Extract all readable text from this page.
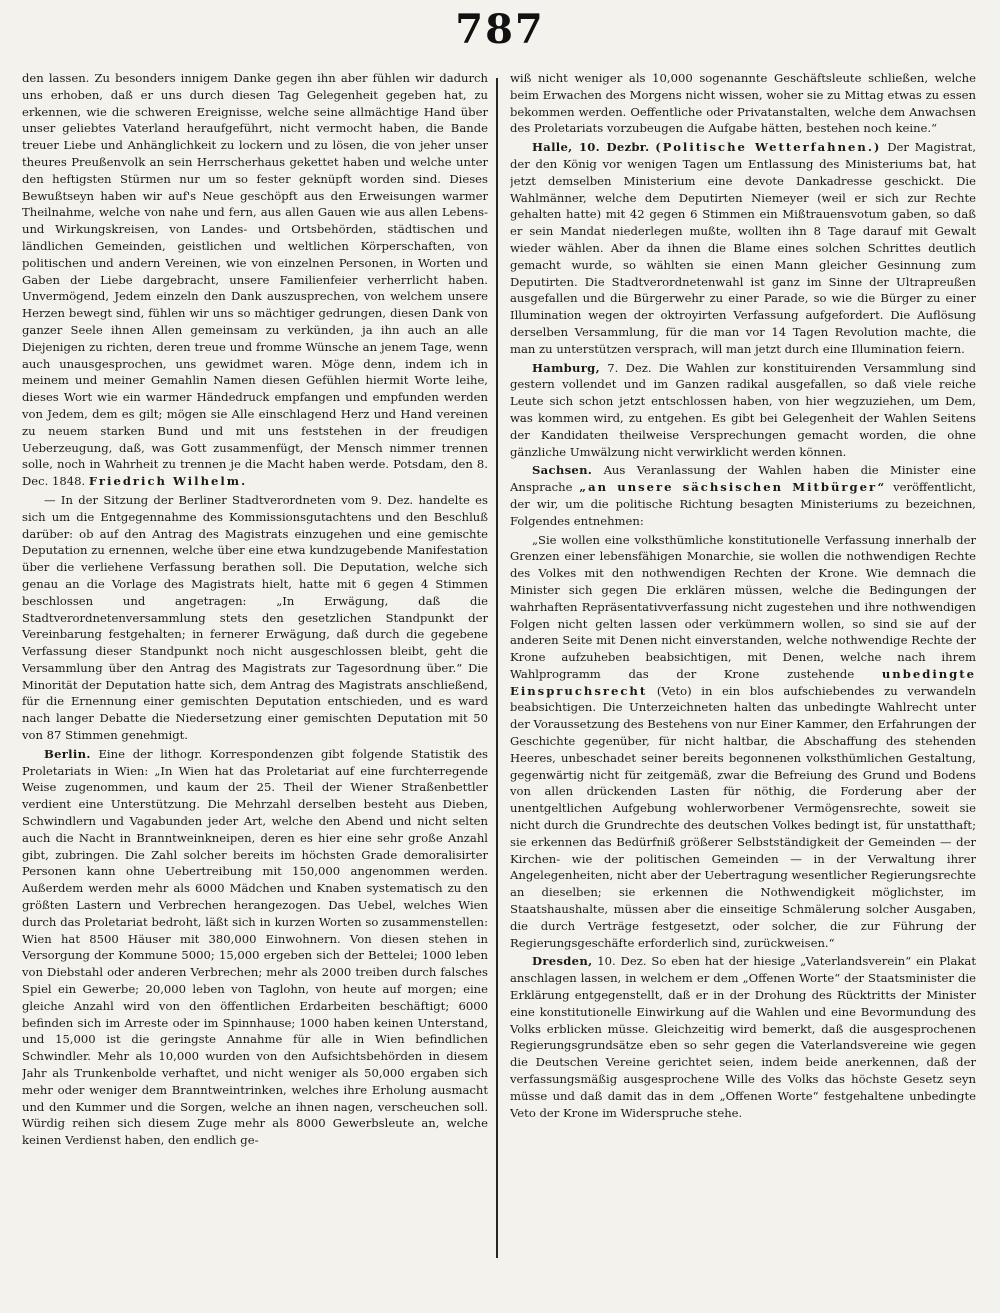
787

den lassen. Zu besonders innigem Danke gegen ihn aber fühlen wir dadurch uns erhoben, daß er uns durch diesen Tag Gelegenheit gegeben hat, zu erkennen, wie die schweren Ereignisse, welche seine allmächtige Hand über unser geliebtes Vaterland heraufgeführt, nicht vermocht haben, die Bande treuer Liebe und Anhänglichkeit zu lockern und zu lösen, die von jeher unser theures Preußenvolk an sein Herrscherhaus gekettet haben und welche unter den heftigsten Stürmen nur um so fester geknüpft worden sind. Dieses Bewußtseyn haben wir auf's Neue geschöpft aus den Erweisungen warmer Theilnahme, welche von nahe und fern, aus allen Gauen wie aus allen Lebens- und Wirkungskreisen, von Landes- und Ortsbehörden, städtischen und ländlichen Gemeinden, geistlichen und weltlichen Körperschaften, von politischen und andern Vereinen, wie von einzelnen Personen, in Worten und Gaben der Liebe dargebracht, unsere Familienfeier verherrlicht haben. Unvermögend, Jedem einzeln den Dank auszusprechen, von welchem unsere Herzen bewegt sind, fühlen wir uns so mächtiger gedrungen, diesen Dank von ganzer Seele ihnen Allen gemeinsam zu verkünden, ja ihn auch an alle Diejenigen zu richten, deren treue und fromme Wünsche an jenem Tage, wenn auch unausgesprochen, uns gewidmet waren. Möge denn, indem ich in meinem und meiner Gemahlin Namen diesen Gefühlen hiermit Worte leihe, dieses Wort wie ein warmer Händedruck empfangen und empfunden werden von Jedem, dem es gilt; mögen sie Alle einschlagend Herz und Hand vereinen zu neuem starken Bund und mit uns feststehen in der freudigen Ueberzeugung, daß, was Gott zusammenfügt, der Mensch nimmer trennen solle, noch in Wahrheit zu trennen je die Macht haben werde. Potsdam, den 8. Dec. 1848. Friedrich Wilhelm.

— In der Sitzung der Berliner Stadtverordneten vom 9. Dez. handelte es sich um die Entgegennahme des Kommissionsgutachtens und den Beschluß darüber: ob auf den Antrag des Magistrats einzugehen und eine gemischte Deputation zu ernennen, welche über eine etwa kundzugebende Manifestation über die verliehene Verfassung berathen soll. Die Deputation, welche sich genau an die Vorlage des Magistrats hielt, hatte mit 6 gegen 4 Stimmen beschlossen und angetragen: „In Erwägung, daß die Stadtverordnetenversammlung stets den gesetzlichen Standpunkt der Vereinbarung festgehalten; in fernerer Erwägung, daß durch die gegebene Verfassung dieser Standpunkt noch nicht ausgeschlossen bleibt, geht die Versammlung über den Antrag des Magistrats zur Tagesordnung über.“ Die Minorität der Deputation hatte sich, dem Antrag des Magistrats anschließend, für die Ernennung einer gemischten Deputation entschieden, und es ward nach langer Debatte die Niedersetzung einer gemischten Deputation mit 50 von 87 Stimmen genehmigt.

Berlin. Eine der lithogr. Korrespondenzen gibt folgende Statistik des Proletariats in Wien: „In Wien hat das Proletariat auf eine furchterregende Weise zugenommen, und kaum der 25. Theil der Wiener Straßenbettler verdient eine Unterstützung. Die Mehrzahl derselben besteht aus Dieben, Schwindlern und Vagabunden jeder Art, welche den Abend und nicht selten auch die Nacht in Branntweinkneipen, deren es hier eine sehr große Anzahl gibt, zubringen. Die Zahl solcher bereits im höchsten Grade demoralisirter Personen kann ohne Uebertreibung mit 150,000 angenommen werden. Außerdem werden mehr als 6000 Mädchen und Knaben systematisch zu den größten Lastern und Verbrechen herangezogen. Das Uebel, welches Wien durch das Proletariat bedroht, läßt sich in kurzen Worten so zusammenstellen: Wien hat 8500 Häuser mit 380,000 Einwohnern. Von diesen stehen in Versorgung der Kommune 5000; 15,000 ergeben sich der Bettelei; 1000 leben von Diebstahl oder anderen Verbrechen; mehr als 2000 treiben durch falsches Spiel ein Gewerbe; 20,000 leben von Taglohn, von heute auf morgen; eine gleiche Anzahl wird von den öffentlichen Erdarbeiten beschäftigt; 6000 befinden sich im Arreste oder im Spinnhause; 1000 haben keinen Unterstand, und 15,000 ist die geringste Annahme für alle in Wien befindlichen Schwindler. Mehr als 10,000 wurden von den Aufsichtsbehörden in diesem Jahr als Trunkenbolde verhaftet, und nicht weniger als 50,000 ergaben sich mehr oder weniger dem Branntweintrinken, welches ihre Erholung ausmacht und den Kummer und die Sorgen, welche an ihnen nagen, verscheuchen soll. Würdig reihen sich diesem Zuge mehr als 8000 Gewerbsleute an, welche keinen Verdienst haben, den endlich ge-

wiß nicht weniger als 10,000 sogenannte Geschäftsleute schließen, welche beim Erwachen des Morgens nicht wissen, woher sie zu Mittag etwas zu essen bekommen werden. Oeffentliche oder Privatanstalten, welche dem Anwachsen des Proletariats vorzubeugen die Aufgabe hätten, bestehen noch keine.“

Halle, 10. Dezbr. (Politische Wetterfahnen.) Der Magistrat, der den König vor wenigen Tagen um Entlassung des Ministeriums bat, hat jetzt demselben Ministerium eine devote Dankadresse geschickt. Die Wahlmänner, welche dem Deputirten Niemeyer (weil er sich zur Rechte gehalten hatte) mit 42 gegen 6 Stimmen ein Mißtrauensvotum gaben, so daß er sein Mandat niederlegen mußte, wollten ihn 8 Tage darauf mit Gewalt wieder wählen. Aber da ihnen die Blame eines solchen Schrittes deutlich gemacht wurde, so wählten sie einen Mann gleicher Gesinnung zum Deputirten. Die Stadtverordnetenwahl ist ganz im Sinne der Ultrapreußen ausgefallen und die Bürgerwehr zu einer Parade, so wie die Bürger zu einer Illumination wegen der oktroyirten Verfassung aufgefordert. Die Auflösung derselben Versammlung, für die man vor 14 Tagen Revolution machte, die man zu unterstützen versprach, will man jetzt durch eine Illumination feiern.

Hamburg, 7. Dez. Die Wahlen zur konstituirenden Versammlung sind gestern vollendet und im Ganzen radikal ausgefallen, so daß viele reiche Leute sich schon jetzt entschlossen haben, von hier wegzuziehen, um Dem, was kommen wird, zu entgehen. Es gibt bei Gelegenheit der Wahlen Seitens der Kandidaten theilweise Versprechungen gemacht worden, die ohne gänzliche Umwälzung nicht verwirklicht werden können.

Sachsen. Aus Veranlassung der Wahlen haben die Minister eine Ansprache „an unsere sächsischen Mitbürger“ veröffentlicht, der wir, um die politische Richtung besagten Ministeriums zu bezeichnen, Folgendes entnehmen:

„Sie wollen eine volksthümliche konstitutionelle Verfassung innerhalb der Grenzen einer lebensfähigen Monarchie, sie wollen die nothwendigen Rechte des Volkes mit den nothwendigen Rechten der Krone. Wie demnach die Minister sich gegen Die erklären müssen, welche die Bedingungen der wahrhaften Repräsentativverfassung nicht zugestehen und ihre nothwendigen Folgen nicht gelten lassen oder verkümmern wollen, so sind sie auf der anderen Seite mit Denen nicht einverstanden, welche nothwendige Rechte der Krone aufzuheben beabsichtigen, mit Denen, welche nach ihrem Wahlprogramm das der Krone zustehende unbedingte Einspruchsrecht (Veto) in ein blos aufschiebendes zu verwandeln beabsichtigen. Die Unterzeichneten halten das unbedingte Wahlrecht unter der Voraussetzung des Bestehens von nur Einer Kammer, den Erfahrungen der Geschichte gegenüber, für nicht haltbar, die Abschaffung des stehenden Heeres, unbeschadet seiner bereits begonnenen volksthümlichen Gestaltung, gegenwärtig nicht für zeitgemäß, zwar die Befreiung des Grund und Bodens von allen drückenden Lasten für nöthig, die Forderung aber der unentgeltlichen Aufgebung wohlerworbener Vermögensrechte, soweit sie nicht durch die Grundrechte des deutschen Volkes bedingt ist, für unstatthaft; sie erkennen das Bedürfniß größerer Selbstständigkeit der Gemeinden — der Kirchen- wie der politischen Gemeinden — in der Verwaltung ihrer Angelegenheiten, nicht aber der Uebertragung wesentlicher Regierungsrechte an dieselben; sie erkennen die Nothwendigkeit möglichster, im Staatshaushalte, müssen aber die einseitige Schmälerung solcher Ausgaben, die durch Verträge festgesetzt, oder solcher, die zur Führung der Regierungsgeschäfte erforderlich sind, zurückweisen.“

Dresden, 10. Dez. So eben hat der hiesige „Vaterlandsverein“ ein Plakat anschlagen lassen, in welchem er dem „Offenen Worte“ der Staatsminister die Erklärung entgegenstellt, daß er in der Drohung des Rücktritts der Minister eine konstitutionelle Einwirkung auf die Wahlen und eine Bevormundung des Volks erblicken müsse. Gleichzeitig wird bemerkt, daß die ausgesprochenen Regierungsgrundsätze eben so sehr gegen die Vaterlandsvereine wie gegen die Deutschen Vereine gerichtet seien, indem beide anerkennen, daß der verfassungsmäßig ausgesprochene Wille des Volks das höchste Gesetz seyn müsse und daß damit das in dem „Offenen Worte“ festgehaltene unbedingte Veto der Krone im Widerspruche stehe.
